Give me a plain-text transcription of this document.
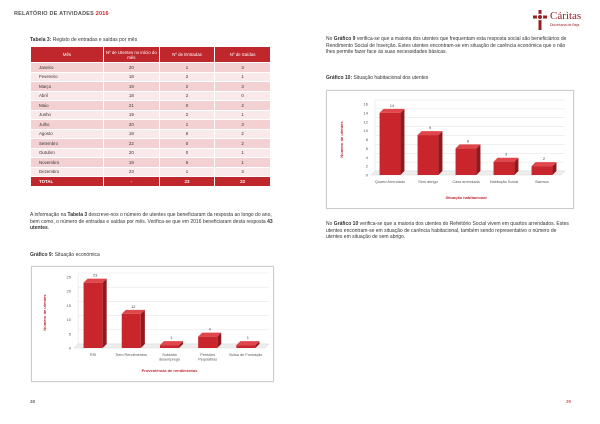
RELATÓRIO DE ATIVIDADES 2016	Cáritas
Diocesana de Beja
Tabela 3: Registo de entradas e saídas por mês
Mês	Nº de Utentes no início do mês	Nº de Entradas	Nº de Saídas
Janeiro	20	1	3
Fevereiro	18	2	1
Março	19	2	3
Abril	18	2	0
Maio	21	0	2
Junho	19	2	1
Julho	20	1	3
Agosto	18	6	2
Setembro	22	0	2
Outubro	20	0	1
Novembro	19	5	1
Dezembro	23	1	3
TOTAL	-	23	22
A informação na Tabela 3 descreve-nos o número de utentes que beneficiaram da resposta ao longo do ano, bem como, o número de entradas e saídas por mês. Verifica-se que em 2016 beneficiaram desta resposta 43 utentes.
Gráfico 9: Situação económica
0
5
10
15
20
25	23
RSI
12
Sem Rendimentos
1
Subsídio desemprego
4
Pensões Pequiatrias
1
Bolsa de Formação
Proveniência de rendimentos
Número de utentes
No Gráfico 9 verifica-se que a maioria dos utentes que frequentam esta resposta social são beneficiários de Rendimento Social de Inserção. Estes utentes encontram-se em situação de carência económica que o não lhes permite fazer face às suas necessidades básicas.
Gráfico 10: Situação habitacional dos utentes
0
2
4
6
8
10
12
14
16	14
Quarto Arrendado
9
Sem abrigo
6
Casa arrendada
3
Habitação Social
2
Barraca
Situação habitacional
Número de utentes
No Gráfico 10 verifica-se que a maioria dos utentes do Refeitório Social vivem em quartos arrendados. Estes utentes encontram-se em situação de carência habitacional, também sendo representativo o número de utentes em situação de sem abrigo.
38	39
